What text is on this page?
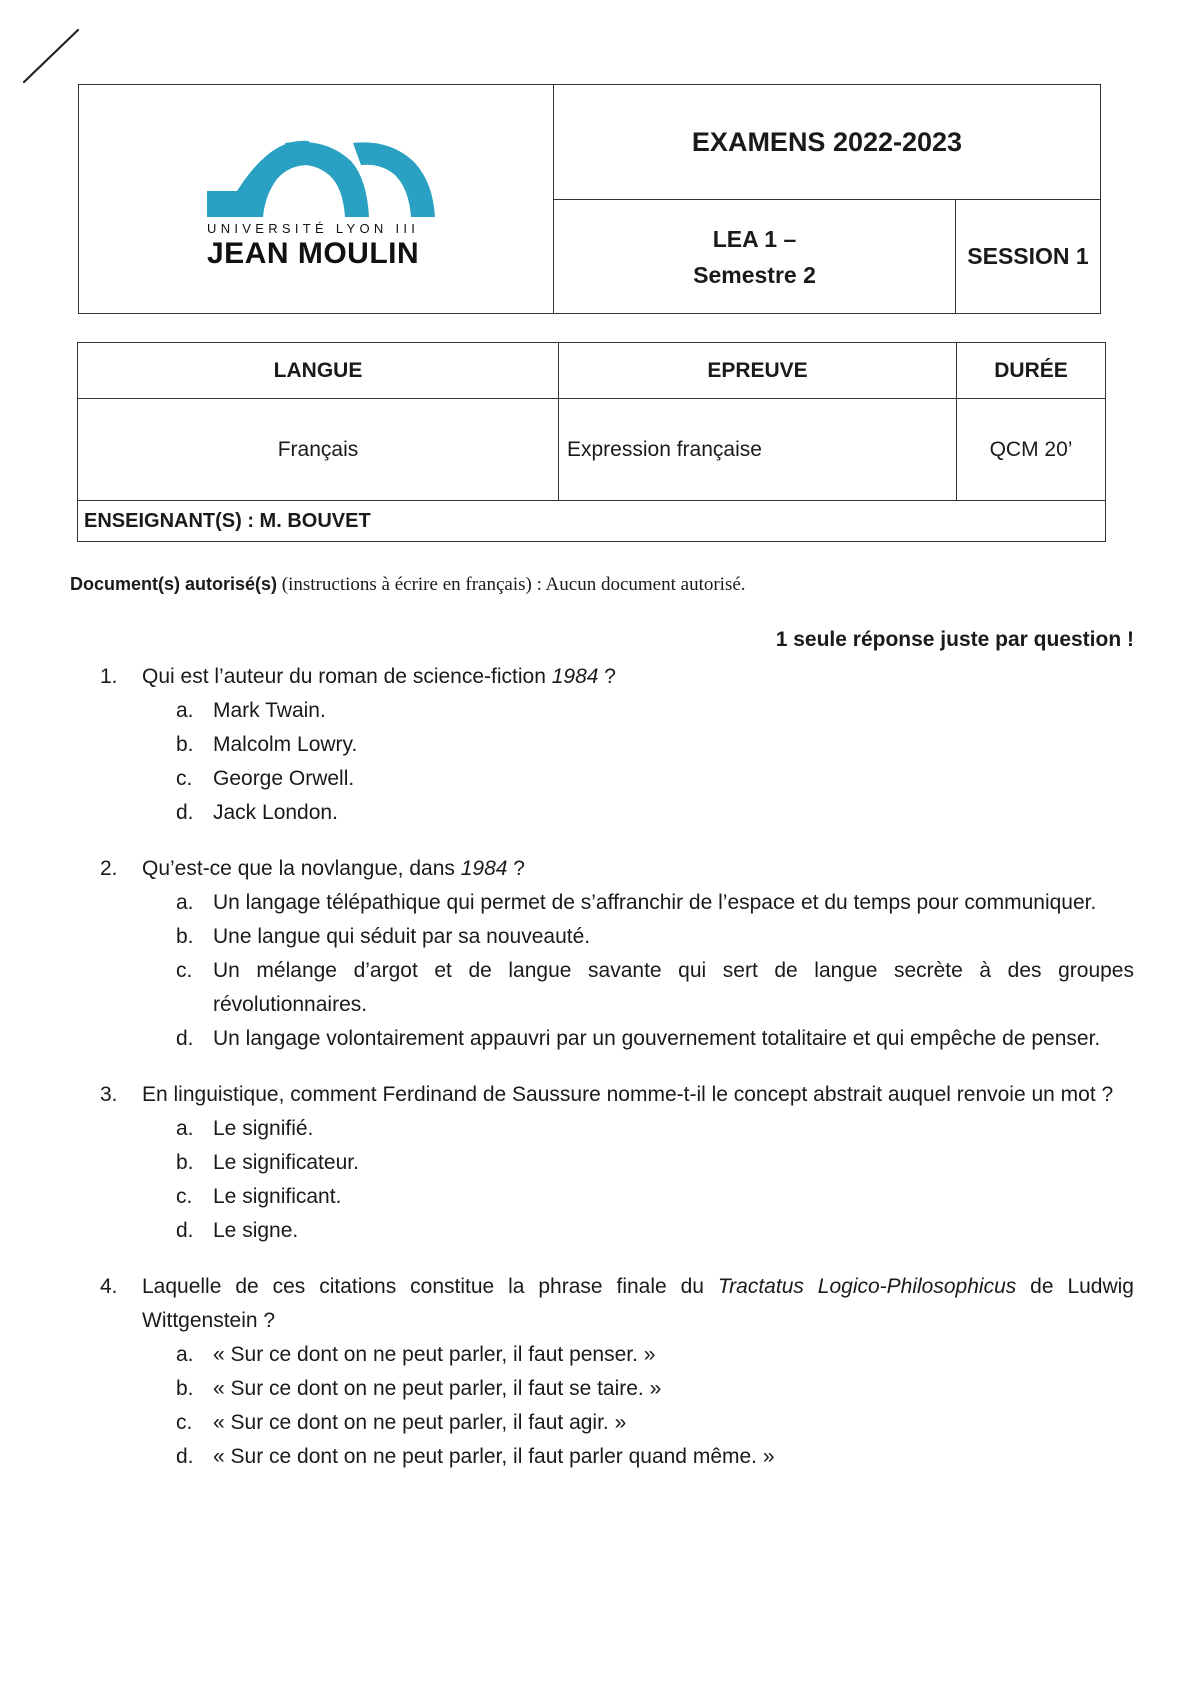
UNIVERSITÉ LYON III
JEAN MOULIN
EXAMENS 2022-2023
LEA 1 –
Semestre 2
SESSION 1
LANGUE	EPREUVE	DURÉE
Français	Expression française	QCM 20’
ENSEIGNANT(S) : M. BOUVET
Document(s) autorisé(s) (instructions à écrire en français) : Aucun document autorisé.
1 seule réponse juste par question !
1.	Qui est l’auteur du roman de science-fiction 1984 ?
a. Mark Twain.
b. Malcolm Lowry.
c. George Orwell.
d. Jack London.
2.	Qu’est-ce que la novlangue, dans 1984 ?
a. Un langage télépathique qui permet de s’affranchir de l’espace et du temps pour communiquer.
b. Une langue qui séduit par sa nouveauté.
c. Un mélange d’argot et de langue savante qui sert de langue secrète à des groupes révolutionnaires.
d. Un langage volontairement appauvri par un gouvernement totalitaire et qui empêche de penser.
3.	En linguistique, comment Ferdinand de Saussure nomme-t-il le concept abstrait auquel renvoie un mot ?
a. Le signifié.
b. Le significateur.
c. Le significant.
d. Le signe.
4.	Laquelle de ces citations constitue la phrase finale du Tractatus Logico-Philosophicus de Ludwig Wittgenstein ?
a. « Sur ce dont on ne peut parler, il faut penser. »
b. « Sur ce dont on ne peut parler, il faut se taire. »
c. « Sur ce dont on ne peut parler, il faut agir. »
d. « Sur ce dont on ne peut parler, il faut parler quand même. »
